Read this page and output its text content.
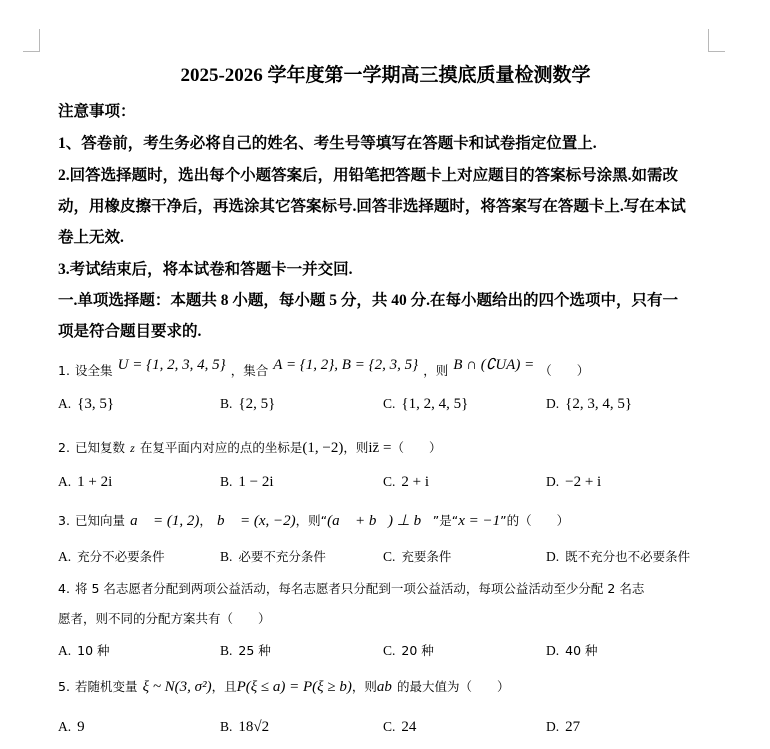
2025-2026 学年度第一学期高三摸底质量检测数学
注意事项：
1、答卷前，考生务必将自己的姓名、考生号等填写在答题卡和试卷指定位置上.
2.回答选择题时，选出每个小题答案后，用铅笔把答题卡上对应题目的答案标号涂黑.如需改
动，用橡皮擦干净后，再选涂其它答案标号.回答非选择题时，将答案写在答题卡上.写在本试
卷上无效.
3.考试结束后，将本试卷和答题卡一并交回.
一.单项选择题：本题共 8 小题，每小题 5 分，共 40 分.在每小题给出的四个选项中，只有一
项是符合题目要求的.
1. 设全集 U = {1, 2, 3, 4, 5} ，集合 A = {1, 2}, B = {2, 3, 5} ，则 B ∩ (∁UA) = （　　）
A. {3, 5}	B. {2, 5}	C. {1, 2, 4, 5}	D. {2, 3, 4, 5}
2. 已知复数 z 在复平面内对应的点的坐标是(1, −2)，则iz̄ =（　　）
A. 1 + 2i	B. 1 − 2i	C. 2 + i	D. −2 + i
3. 已知向量 a⃗ = (1, 2)， b⃗ = (x, −2)，则“(a⃗ + b⃗) ⊥ b⃗”是“x = −1”的（　　）
A. 充分不必要条件	B. 必要不充分条件	C. 充要条件	D. 既不充分也不必要条件
4. 将 5 名志愿者分配到两项公益活动，每名志愿者只分配到一项公益活动，每项公益活动至少分配 2 名志
愿者，则不同的分配方案共有（　　）
A. 10 种	B. 25 种	C. 20 种	D. 40 种
5. 若随机变量 ξ ~ N(3, σ²)，且P(ξ ≤ a) = P(ξ ≥ b)，则ab 的最大值为（　　）
A. 9	B. 18√2	C. 24	D. 27
